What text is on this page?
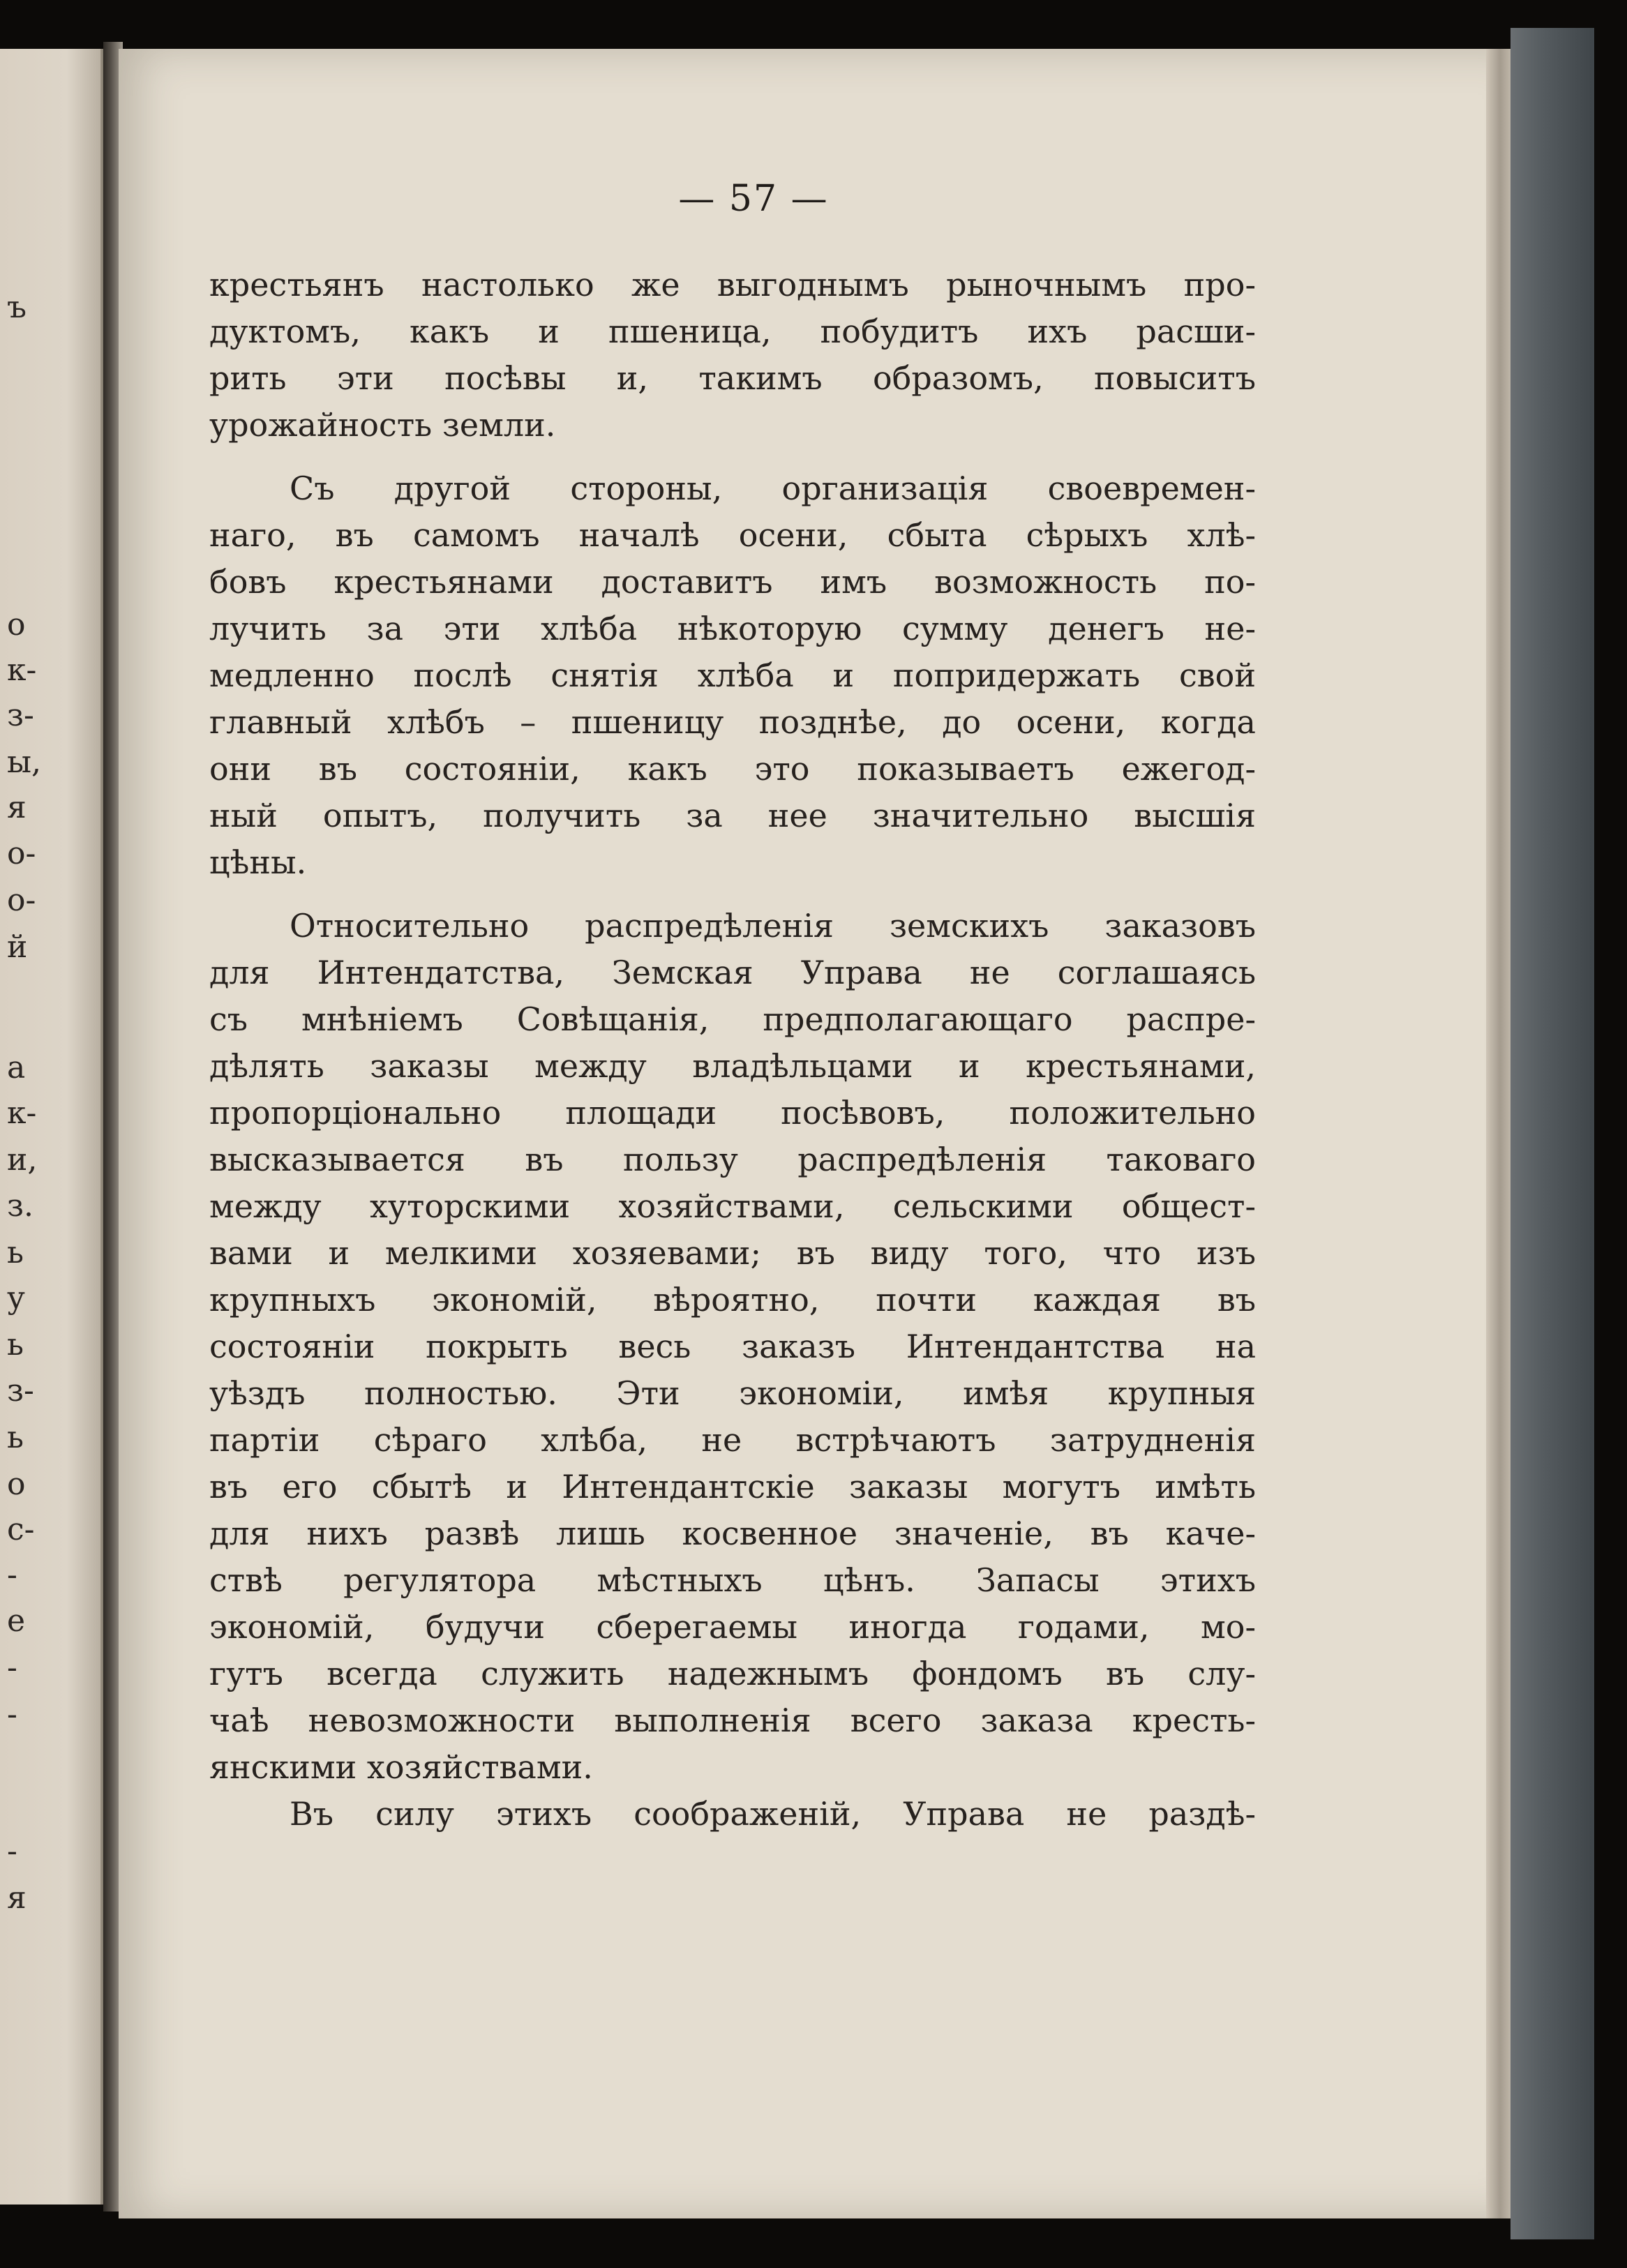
ъ
о
к-
з-
ы,
я
о-
о-
й
а
к-
и,
з.
ь
у
ь
з-
ь
о
с-
-
е
-
-
-
я
— 57 —
крестьянъ настолько же выгоднымъ рыночнымъ про-
дуктомъ, какъ и пшеница, побудитъ ихъ расши-
рить эти посѣвы и, такимъ образомъ, повыситъ
урожайность земли.
Съ другой стороны, организація своевремен-
наго, въ самомъ началѣ осени, сбыта сѣрыхъ хлѣ-
бовъ крестьянами доставитъ имъ возможность по-
лучить за эти хлѣба нѣкоторую сумму денегъ не-
медленно послѣ снятія хлѣба и попридержать свой
главный хлѣбъ – пшеницу позднѣе, до осени, когда
они въ состояніи, какъ это показываетъ ежегод-
ный опытъ, получить за нее значительно высшія
цѣны.
Относительно распредѣленія земскихъ заказовъ
для Интендатства, Земская Управа не соглашаясь
съ мнѣніемъ Совѣщанія, предполагающаго распре-
дѣлять заказы между владѣльцами и крестьянами,
пропорціонально площади посѣвовъ, положительно
высказывается въ пользу распредѣленія таковаго
между хуторскими хозяйствами, сельскими общест-
вами и мелкими хозяевами; въ виду того, что изъ
крупныхъ экономій, вѣроятно, почти каждая въ
состояніи покрыть весь заказъ Интендантства на
уѣздъ полностью. Эти экономіи, имѣя крупныя
партіи сѣраго хлѣба, не встрѣчаютъ затрудненія
въ его сбытѣ и Интендантскіе заказы могутъ имѣть
для нихъ развѣ лишь косвенное значеніе, въ каче-
ствѣ регулятора мѣстныхъ цѣнъ. Запасы этихъ
экономій, будучи сберегаемы иногда годами, мо-
гутъ всегда служить надежнымъ фондомъ въ слу-
чаѣ невозможности выполненія всего заказа кресть-
янскими хозяйствами.
Въ силу этихъ соображеній, Управа не раздѣ-
